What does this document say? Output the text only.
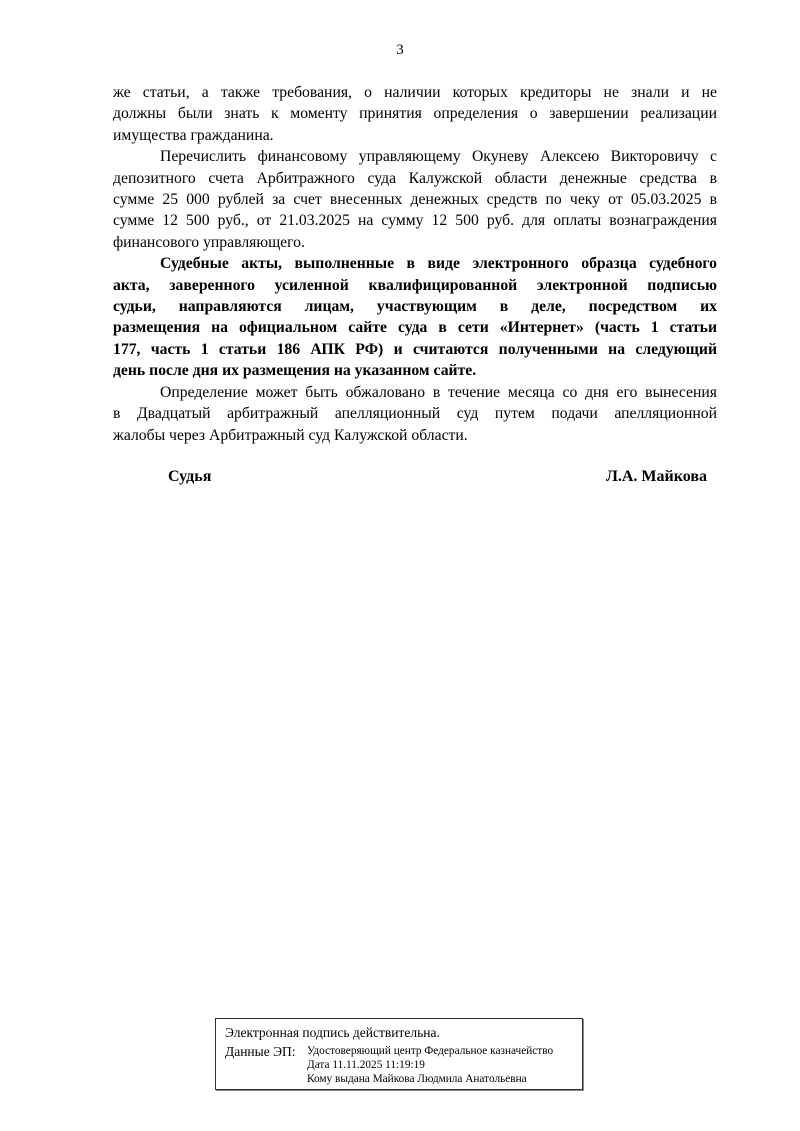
3
же статьи, а также требования, о наличии которых кредиторы не знали и не
должны были знать к моменту принятия определения о завершении реализации
имущества гражданина.
Перечислить финансовому управляющему Окуневу Алексею Викторовичу с
депозитного счета Арбитражного суда Калужской области денежные средства в
сумме 25 000 рублей за счет внесенных денежных средств по чеку от 05.03.2025 в
сумме 12 500 руб., от 21.03.2025 на сумму 12 500 руб. для оплаты вознаграждения
финансового управляющего.
Судебные акты, выполненные в виде электронного образца судебного
акта, заверенного усиленной квалифицированной электронной подписью
судьи, направляются лицам, участвующим в деле, посредством их
размещения на официальном сайте суда в сети «Интернет» (часть 1 статьи
177, часть 1 статьи 186 АПК РФ) и считаются полученными на следующий
день после дня их размещения на указанном сайте.
Определение может быть обжаловано в течение месяца со дня его вынесения
в Двадцатый арбитражный апелляционный суд путем подачи апелляционной
жалобы через Арбитражный суд Калужской области.
Судья	Л.А. Майкова
Электронная подпись действительна.
Данные ЭП:	Удостоверяющий центр Федеральное казначейство
Дата 11.11.2025 11:19:19
Кому выдана Майкова Людмила Анатольевна
